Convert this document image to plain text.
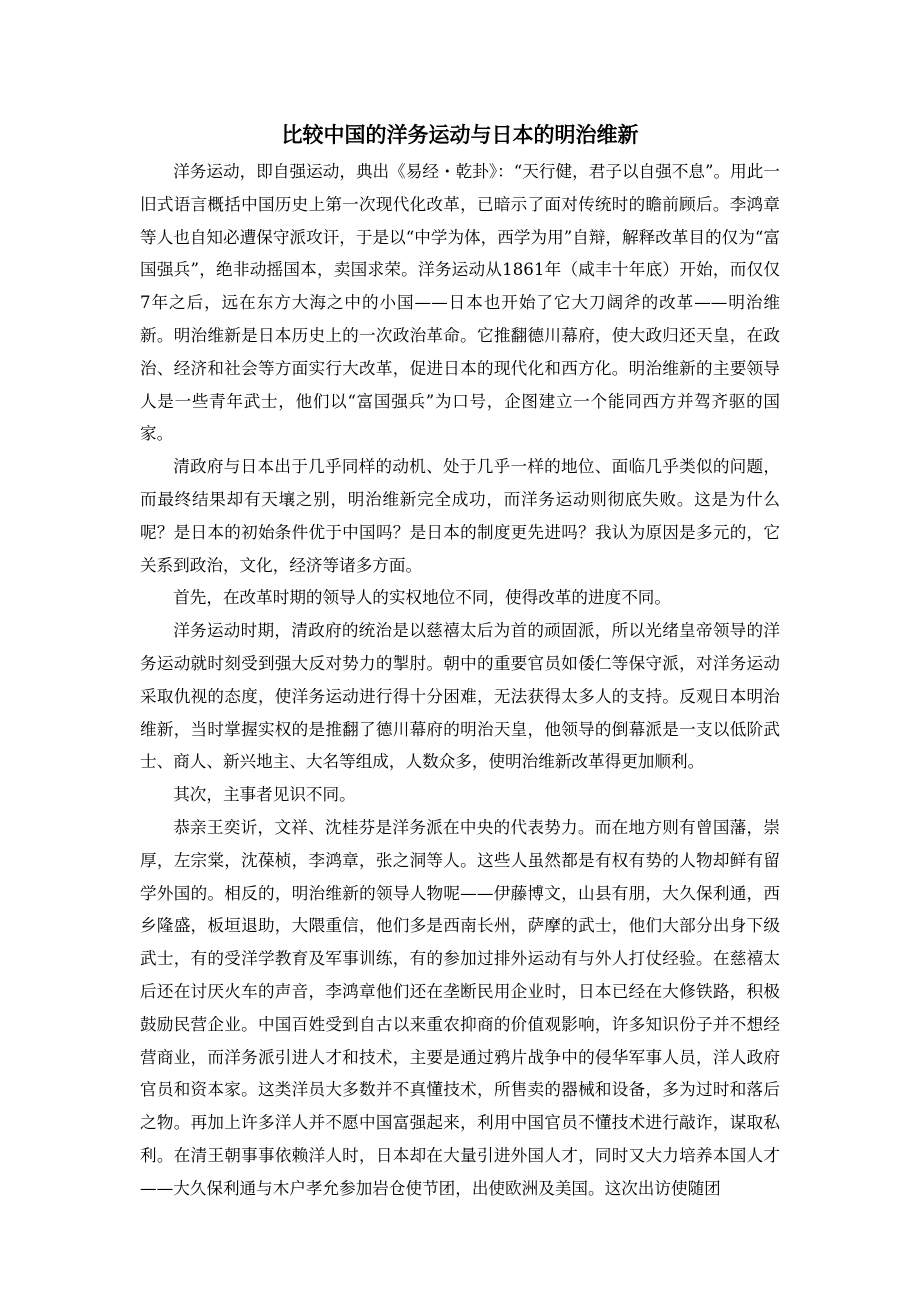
比较中国的洋务运动与日本的明治维新

洋务运动，即自强运动，典出《易经・乾卦》：“天行健，君子以自强不息”。用此一旧式语言概括中国历史上第一次现代化改革，已暗示了面对传统时的瞻前顾后。李鸿章等人也自知必遭保守派攻讦，于是以“中学为体，西学为用”自辩，解释改革目的仅为“富国强兵”，绝非动摇国本，卖国求荣。洋务运动从1861年（咸丰十年底）开始，而仅仅7年之后，远在东方大海之中的小国——日本也开始了它大刀阔斧的改革——明治维新。明治维新是日本历史上的一次政治革命。它推翻德川幕府，使大政归还天皇，在政治、经济和社会等方面实行大改革，促进日本的现代化和西方化。明治维新的主要领导人是一些青年武士，他们以“富国强兵”为口号，企图建立一个能同西方并驾齐驱的国家。

清政府与日本出于几乎同样的动机、处于几乎一样的地位、面临几乎类似的问题，而最终结果却有天壤之别，明治维新完全成功，而洋务运动则彻底失败。这是为什么呢？是日本的初始条件优于中国吗？是日本的制度更先进吗？我认为原因是多元的，它关系到政治，文化，经济等诸多方面。

首先，在改革时期的领导人的实权地位不同，使得改革的进度不同。

洋务运动时期，清政府的统治是以慈禧太后为首的顽固派，所以光绪皇帝领导的洋务运动就时刻受到强大反对势力的掣肘。朝中的重要官员如倭仁等保守派，对洋务运动采取仇视的态度，使洋务运动进行得十分困难，无法获得太多人的支持。反观日本明治维新，当时掌握实权的是推翻了德川幕府的明治天皇，他领导的倒幕派是一支以低阶武士、商人、新兴地主、大名等组成，人数众多，使明治维新改革得更加顺利。

其次，主事者见识不同。

恭亲王奕䜣，文祥、沈桂芬是洋务派在中央的代表势力。而在地方则有曾国藩，崇厚，左宗棠，沈葆桢，李鸿章，张之洞等人。这些人虽然都是有权有势的人物却鲜有留学外国的。相反的，明治维新的领导人物呢——伊藤博文，山县有朋，大久保利通，西乡隆盛，板垣退助，大隈重信，他们多是西南长州，萨摩的武士，他们大部分出身下级武士，有的受洋学教育及军事训练，有的参加过排外运动有与外人打仗经验。在慈禧太后还在讨厌火车的声音，李鸿章他们还在垄断民用企业时，日本已经在大修铁路，积极鼓励民营企业。中国百姓受到自古以来重农抑商的价值观影响，许多知识份子并不想经营商业，而洋务派引进人才和技术，主要是通过鸦片战争中的侵华军事人员，洋人政府官员和资本家。这类洋员大多数并不真懂技术，所售卖的器械和设备，多为过时和落后之物。再加上许多洋人并不愿中国富强起来，利用中国官员不懂技术进行敲诈，谋取私利。在清王朝事事依赖洋人时，日本却在大量引进外国人才，同时又大力培养本国人才——大久保利通与木户孝允参加岩仓使节团，出使欧洲及美国。这次出访使随团
